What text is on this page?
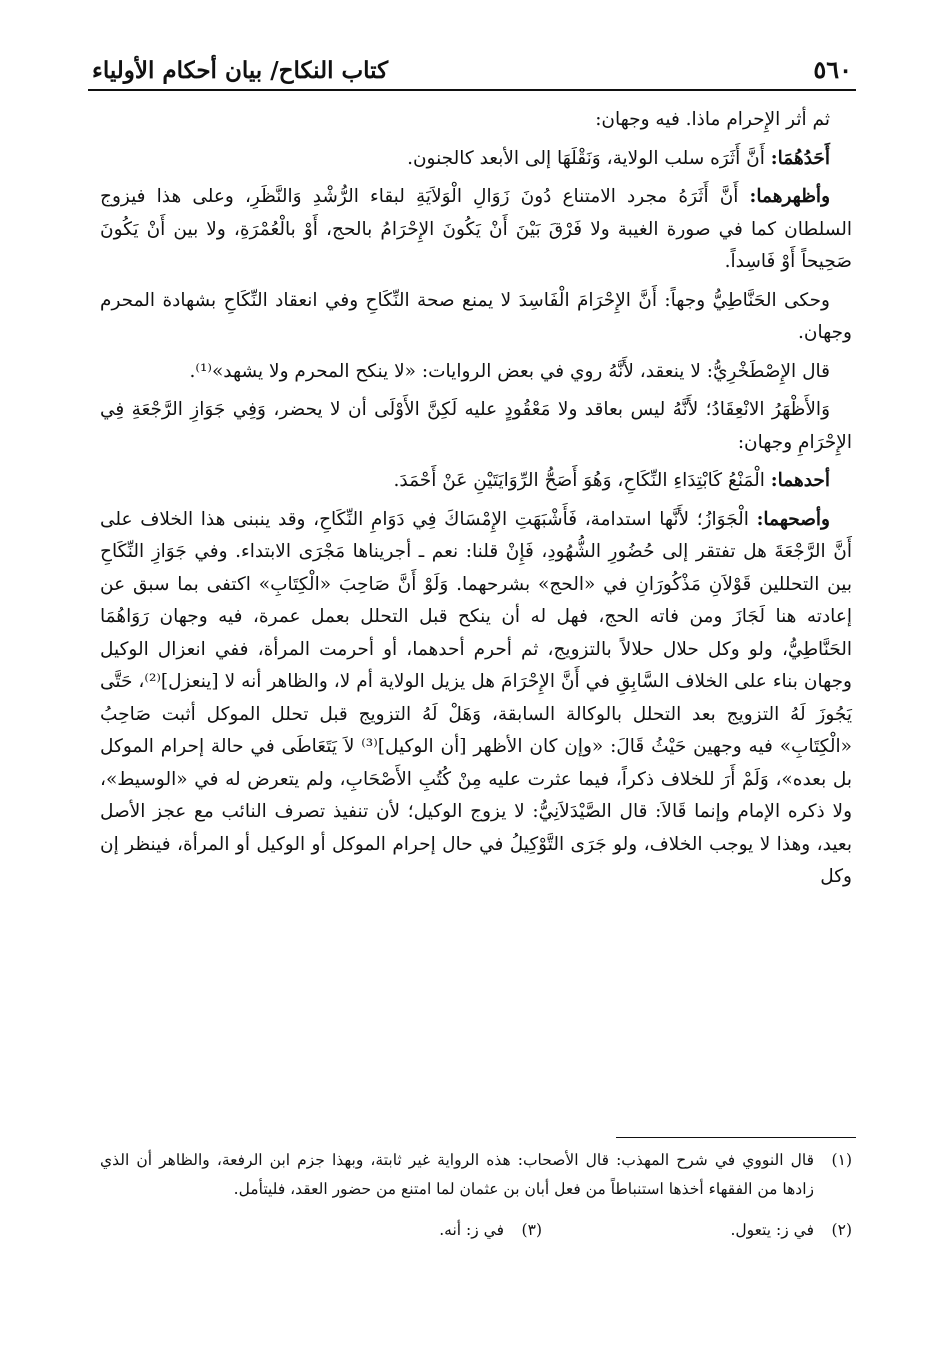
٥٦٠
كتاب النكاح/ بيان أحكام الأولياء

ثم أثر الإِحرام ماذا. فيه وجهان:

أَحَدُهُمَا: أَنَّ أَثَرَه سلب الولاية، وَنَقْلَهَا إلى الأبعد كالجنون.

وأظهرهما: أَنَّ أَثَرَهُ مجرد الامتناع دُونَ زَوَالِ الْوَلاَيَةِ لبقاء الرُّشْدِ وَالنَّظَرِ، وعلى هذا فيزوج السلطان كما في صورة الغيبة ولا فَرْقَ بَيْنَ أَنْ يَكُونَ الإِحْرَامُ بالحج، أَوْ بالْعُمْرَةِ، ولا بين أَنْ يَكُونَ صَحِيحاً أَوْ فَاسِداً.

وحكى الحَنَّاطِيُّ وجهاً: أَنَّ الإِحْرَامَ الْفَاسِدَ لا يمنع صحة النِّكَاحِ وفي انعقاد النِّكَاحِ بشهادة المحرم وجهان.

قال الإِصْطَخْرِيُّ: لا ينعقد، لأَنَّهُ روي في بعض الروايات: «لا ينكح المحرم ولا يشهد»⁽¹⁾.

وَالأَظْهَرُ الانْعِقَادُ؛ لأَنَّهُ ليس بعاقد ولا مَعْقُودٍ عليه لَكِنَّ الأَوْلَى أن لا يحضر، وَفِي جَوَازِ الرَّجْعَةِ فِي الإِحْرَامِ وجهان:

أحدهما: الْمَنْعُ كَابْتِدَاءِ النِّكَاحِ، وَهُوَ أَصَحُّ الرِّوَايَتَيْنِ عَنْ أَحْمَدَ.

وأصحهما: الْجَوَازُ؛ لأَنَّها استدامة، فَأَشْبَهَتِ الإِمْسَاكَ فِي دَوَامِ النِّكَاحِ، وقد ينبنى هذا الخلاف على أَنَّ الرَّجْعَةَ هل تفتقر إلى حُضُورِ الشُّهُودِ، فَإِنْ قلنا: نعم ـ أجريناها مَجْرَى الابتداء. وفي جَوَازِ النِّكَاحِ بين التحللين قَوْلاَنِ مَذْكُورَانِ في «الحج» بشرحهما. وَلَوْ أَنَّ صَاحِبَ «الْكِتَابِ» اكتفى بما سبق عن إعادته هنا لَجَازَ ومن فاته الحج، فهل له أن ينكح قبل التحلل بعمل عمرة، فيه وجهان رَوَاهُمَا الحَنَّاطِيُّ، ولو وكل حلال حلالاً بالتزويج، ثم أحرم أحدهما، أو أحرمت المرأة، ففي انعزال الوكيل وجهان بناء على الخلاف السَّابِقِ في أَنَّ الإِحْرَامَ هل يزيل الولاية أم لا، والظاهر أنه لا [ينعزل]⁽²⁾، حَتَّى يَجُوزَ لَهُ التزويج بعد التحلل بالوكالة السابقة، وَهَلْ لَهُ التزويج قبل تحلل الموكل أثبت صَاحِبُ «الْكِتَابِ» فيه وجهين حَيْثُ قَالَ: «وإن كان الأظهر [أن الوكيل]⁽³⁾ لاَ يَتَعَاطَى في حالة إحرام الموكل بل بعده»، وَلَمْ أَرَ للخلاف ذكراً، فيما عثرت عليه مِنْ كُتُبِ الأَصْحَابِ، ولم يتعرض له في «الوسيط»، ولا ذكره الإمام وإنما قَالاَ: قال الصَّيْدَلاَنِيُّ: لا يزوج الوكيل؛ لأن تنفيذ تصرف النائب مع عجز الأصل بعيد، وهذا لا يوجب الخلاف، ولو جَرَى التَّوْكِيلُ في حال إحرام الموكل أو الوكيل أو المرأة، فينظر إن وكل

(١)
قال النووي في شرح المهذب: قال الأصحاب: هذه الرواية غير ثابتة، وبهذا جزم ابن الرفعة، والظاهر أن الذي زادها من الفقهاء أخذها استنباطاً من فعل أبان بن عثمان لما امتنع من حضور العقد، فليتأمل.
(٢)
في ز: يتعول.
(٣)
في ز: أنه.
